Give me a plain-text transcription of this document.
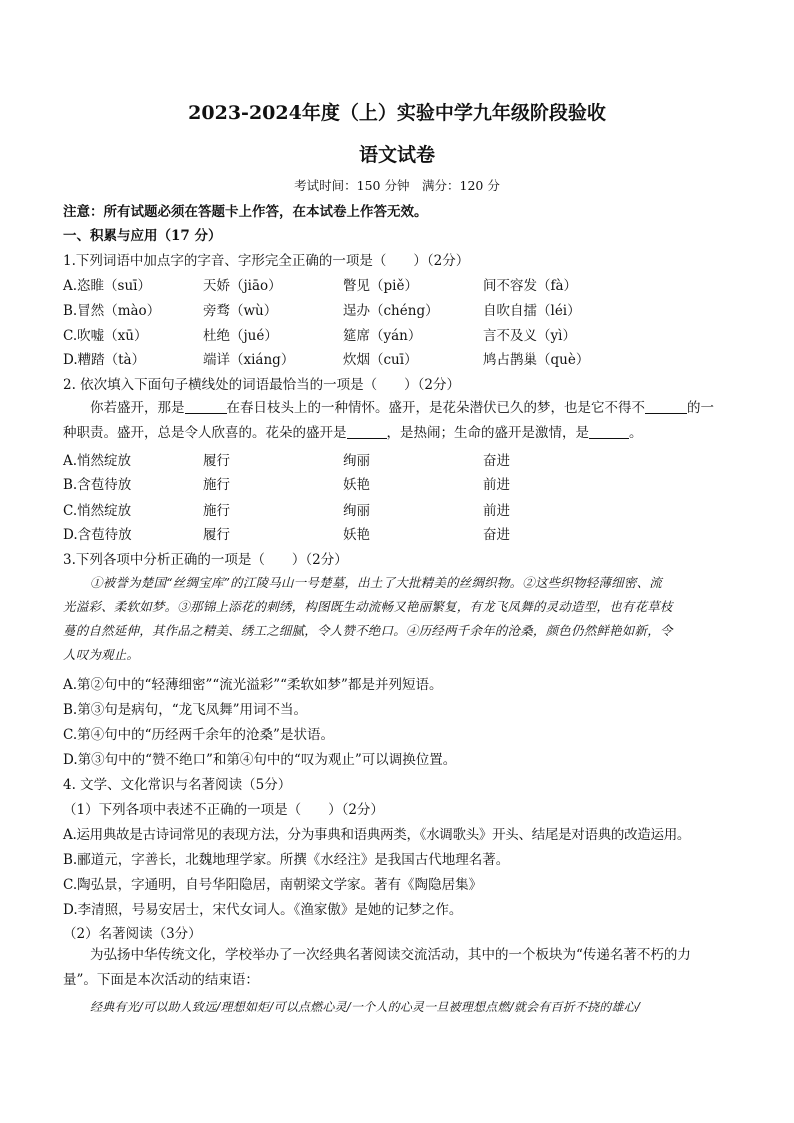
2023-2024年度（上）实验中学九年级阶段验收
语文试卷
考试时间：150 分钟　满分：120 分
注意：所有试题必须在答题卡上作答，在本试卷上作答无效。
一、积累与应用（17 分）
1.下列词语中加点字的字音、字形完全正确的一项是（　　）（2分）
A.恣睢（suī）	天娇（jiāo）	瞥见（piě）	间不容发（fà）
B.冒然（mào）	旁骛（wù）	逞办（chéng）	自吹自擂（léi）
C.吹嘘（xū）	杜绝（jué）	筵席（yán）	言不及义（yì）
D.糟踏（tà）	端详（xiáng）	炊烟（cuī）	鸠占鹊巢（què）
2. 依次填入下面句子横线处的词语最恰当的一项是（　　）（2分）
你若盛开，那是	在春日枝头上的一种情怀。盛开，是花朵潜伏已久的梦，也是它不得不	的一
种职责。盛开，总是令人欣喜的。花朵的盛开是	，是热闹；生命的盛开是激情，是	。
A.悄然绽放	履行	绚丽	奋进
B.含苞待放	施行	妖艳	前进
C.悄然绽放	施行	绚丽	前进
D.含苞待放	履行	妖艳	奋进
3.下列各项中分析正确的一项是（　　）（2分）
①被誉为楚国“丝绸宝库”的江陵马山一号楚墓，出土了大批精美的丝绸织物。②这些织物轻薄细密、流
光溢彩、柔软如梦。③那锦上添花的刺绣，构图既生动流畅又艳丽繁复，有龙飞凤舞的灵动造型，也有花草枝
蔓的自然延伸，其作品之精美、绣工之细腻，令人赞不绝口。④历经两千余年的沧桑，颜色仍然鲜艳如新，令
人叹为观止。
A.第②句中的“轻薄细密”“流光溢彩”“柔软如梦”都是并列短语。
B.第③句是病句，“龙飞凤舞”用词不当。
C.第④句中的“历经两千余年的沧桑”是状语。
D.第③句中的“赞不绝口”和第④句中的“叹为观止”可以调换位置。
4. 文学、文化常识与名著阅读（5分）
（1）下列各项中表述不正确的一项是（　　）（2分）
A.运用典故是古诗词常见的表现方法，分为事典和语典两类，《水调歌头》开头、结尾是对语典的改造运用。
B.郦道元，字善长，北魏地理学家。所撰《水经注》是我国古代地理名著。
C.陶弘景，字通明，自号华阳隐居，南朝梁文学家。著有《陶隐居集》
D.李清照，号易安居士，宋代女词人。《渔家傲》是她的记梦之作。
（2）名著阅读（3分）
为弘扬中华传统文化，学校举办了一次经典名著阅读交流活动，其中的一个板块为“传递名著不朽的力
量”。下面是本次活动的结束语：
经典有光/可以助人致远/理想如炬/可以点燃心灵/一个人的心灵一旦被理想点燃/就会有百折不挠的雄心/
